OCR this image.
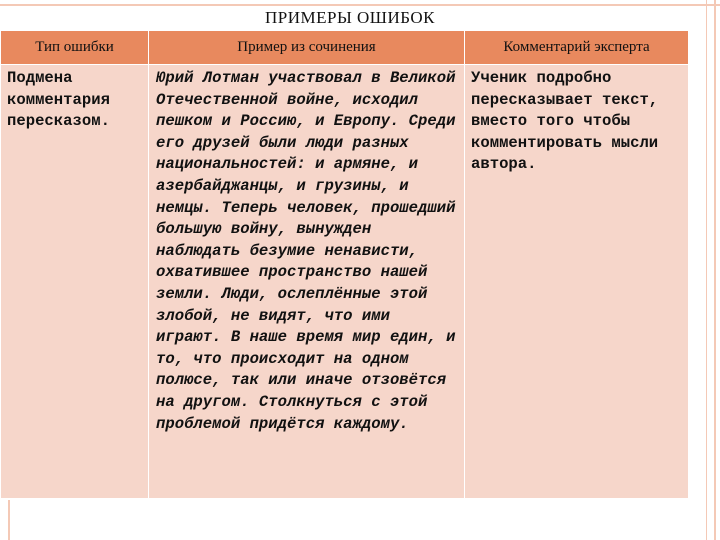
ПРИМЕРЫ ОШИБОК
Тип ошибки	Пример из сочинения	Комментарий эксперта
Подмена комментария пересказом.	Юрий Лотман участвовал в Великой Отечественной войне, исходил пешком и Россию, и Европу. Среди его друзей были люди разных национальностей: и армяне, и азербайджанцы, и грузины, и немцы. Теперь человек, прошедший большую войну, вынужден наблюдать безумие ненависти, охватившее пространство нашей земли. Люди, ослеплённые этой злобой, не видят, что ими играют. В наше время мир един, и то, что происходит на одном полюсе, так или иначе отзовётся на другом. Столкнуться с этой проблемой придётся каждому.	Ученик подробно пересказывает текст, вместо того чтобы комментировать мысли автора.
